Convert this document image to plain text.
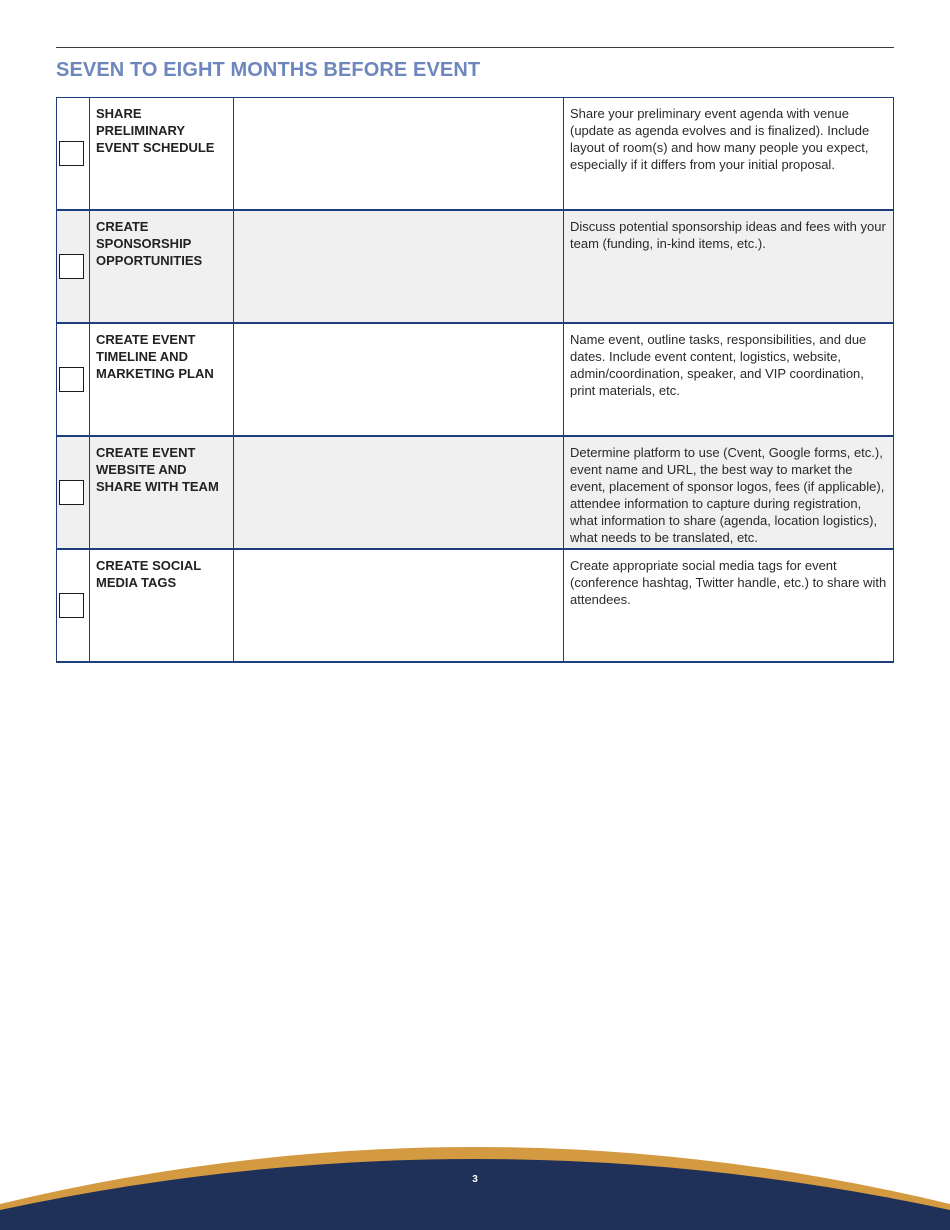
SEVEN TO EIGHT MONTHS BEFORE EVENT

	SHARE PRELIMINARY EVENT SCHEDULE		Share your preliminary event agenda with venue (update as agenda evolves and is finalized). Include layout of room(s) and how many people you expect, especially if it differs from your initial proposal.

	CREATE SPONSORSHIP OPPORTUNITIES		Discuss potential sponsorship ideas and fees with your team (funding, in-kind items, etc.).

	CREATE EVENT TIMELINE AND MARKETING PLAN		Name event, outline tasks, responsibilities, and due dates. Include event content, logistics, website, admin/coordination, speaker, and VIP coordination, print materials, etc.

	CREATE EVENT WEBSITE AND SHARE WITH TEAM		Determine platform to use (Cvent, Google forms, etc.), event name and URL, the best way to market the event, placement of sponsor logos, fees (if applicable), attendee information to capture during registration, what information to share (agenda, location logistics), what needs to be translated, etc.

	CREATE SOCIAL MEDIA TAGS		Create appropriate social media tags for event (conference hashtag, Twitter handle, etc.) to share with attendees.
3
